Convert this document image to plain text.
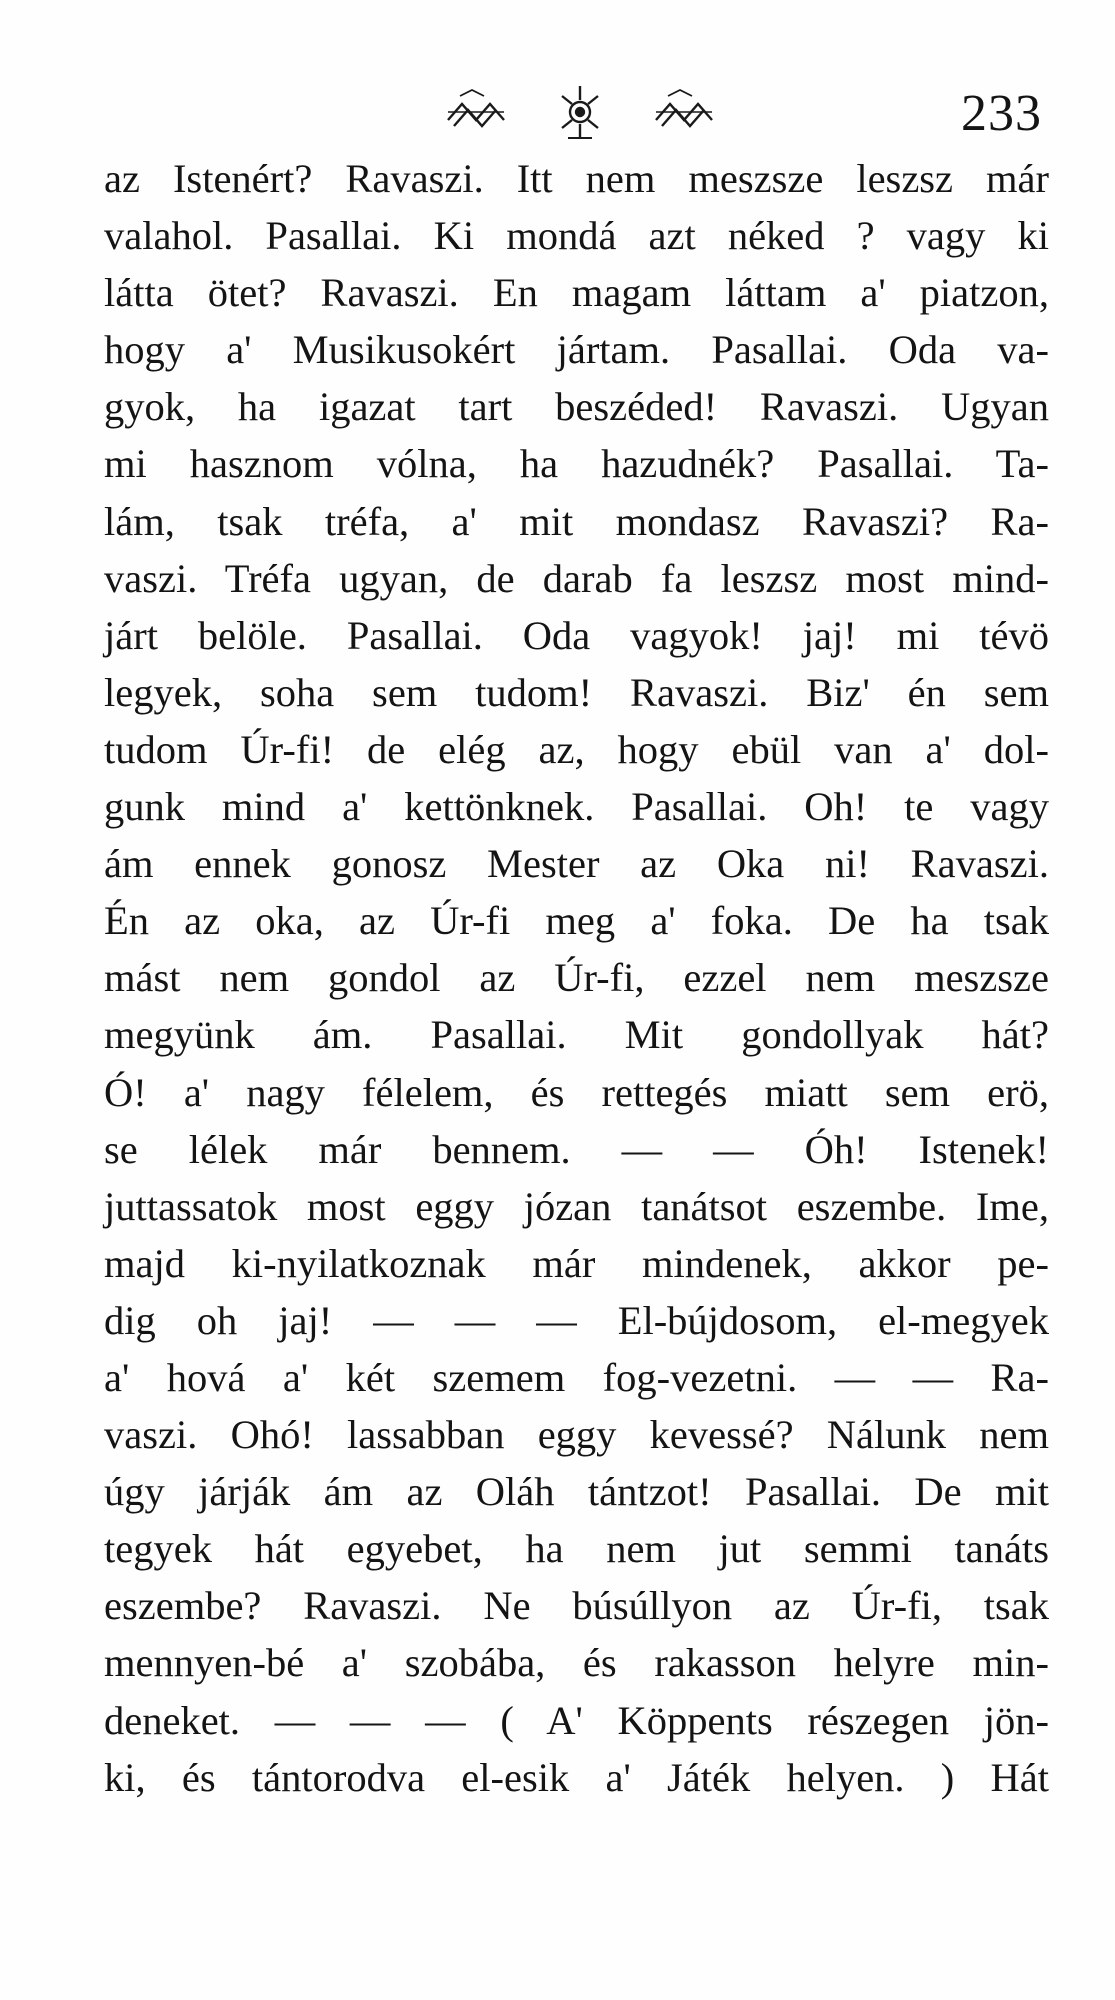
233
az Istenért? Ravaszi. Itt nem meszsze leszsz már
valahol. Pasallai. Ki mondá azt néked ? vagy ki
látta ötet? Ravaszi. En magam láttam a' piatzon,
hogy a' Musikusokért jártam. Pasallai. Oda va-
gyok, ha igazat tart beszéded! Ravaszi. Ugyan
mi hasznom vólna, ha hazudnék? Pasallai. Ta-
lám, tsak tréfa, a' mit mondasz Ravaszi? Ra-
vaszi. Tréfa ugyan, de darab fa leszsz most mind-
járt belöle. Pasallai. Oda vagyok! jaj! mi tévö
legyek, soha sem tudom! Ravaszi. Biz' én sem
tudom Úr-fi! de elég az, hogy ebül van a' dol-
gunk mind a' kettönknek. Pasallai. Oh! te vagy
ám ennek gonosz Mester az Oka ni! Ravaszi.
Én az oka, az Úr-fi meg a' foka. De ha tsak
mást nem gondol az Úr-fi, ezzel nem meszsze
megyünk ám. Pasallai. Mit gondollyak hát?
Ó! a' nagy félelem, és rettegés miatt sem erö,
se lélek már bennem. — — Óh! Istenek!
juttassatok most eggy józan tanátsot eszembe. Ime,
majd ki-nyilatkoznak már mindenek, akkor pe-
dig oh jaj! — — — El-bújdosom, el-megyek
a' hová a' két szemem fog-vezetni. — — Ra-
vaszi. Ohó! lassabban eggy kevessé? Nálunk nem
úgy járják ám az Oláh tántzot! Pasallai. De mit
tegyek hát egyebet, ha nem jut semmi tanáts
eszembe? Ravaszi. Ne búsúllyon az Úr-fi, tsak
mennyen-bé a' szobába, és rakasson helyre min-
deneket. — — — ( A' Köppents részegen jön-
ki, és tántorodva el-esik a' Játék helyen. ) Hát
